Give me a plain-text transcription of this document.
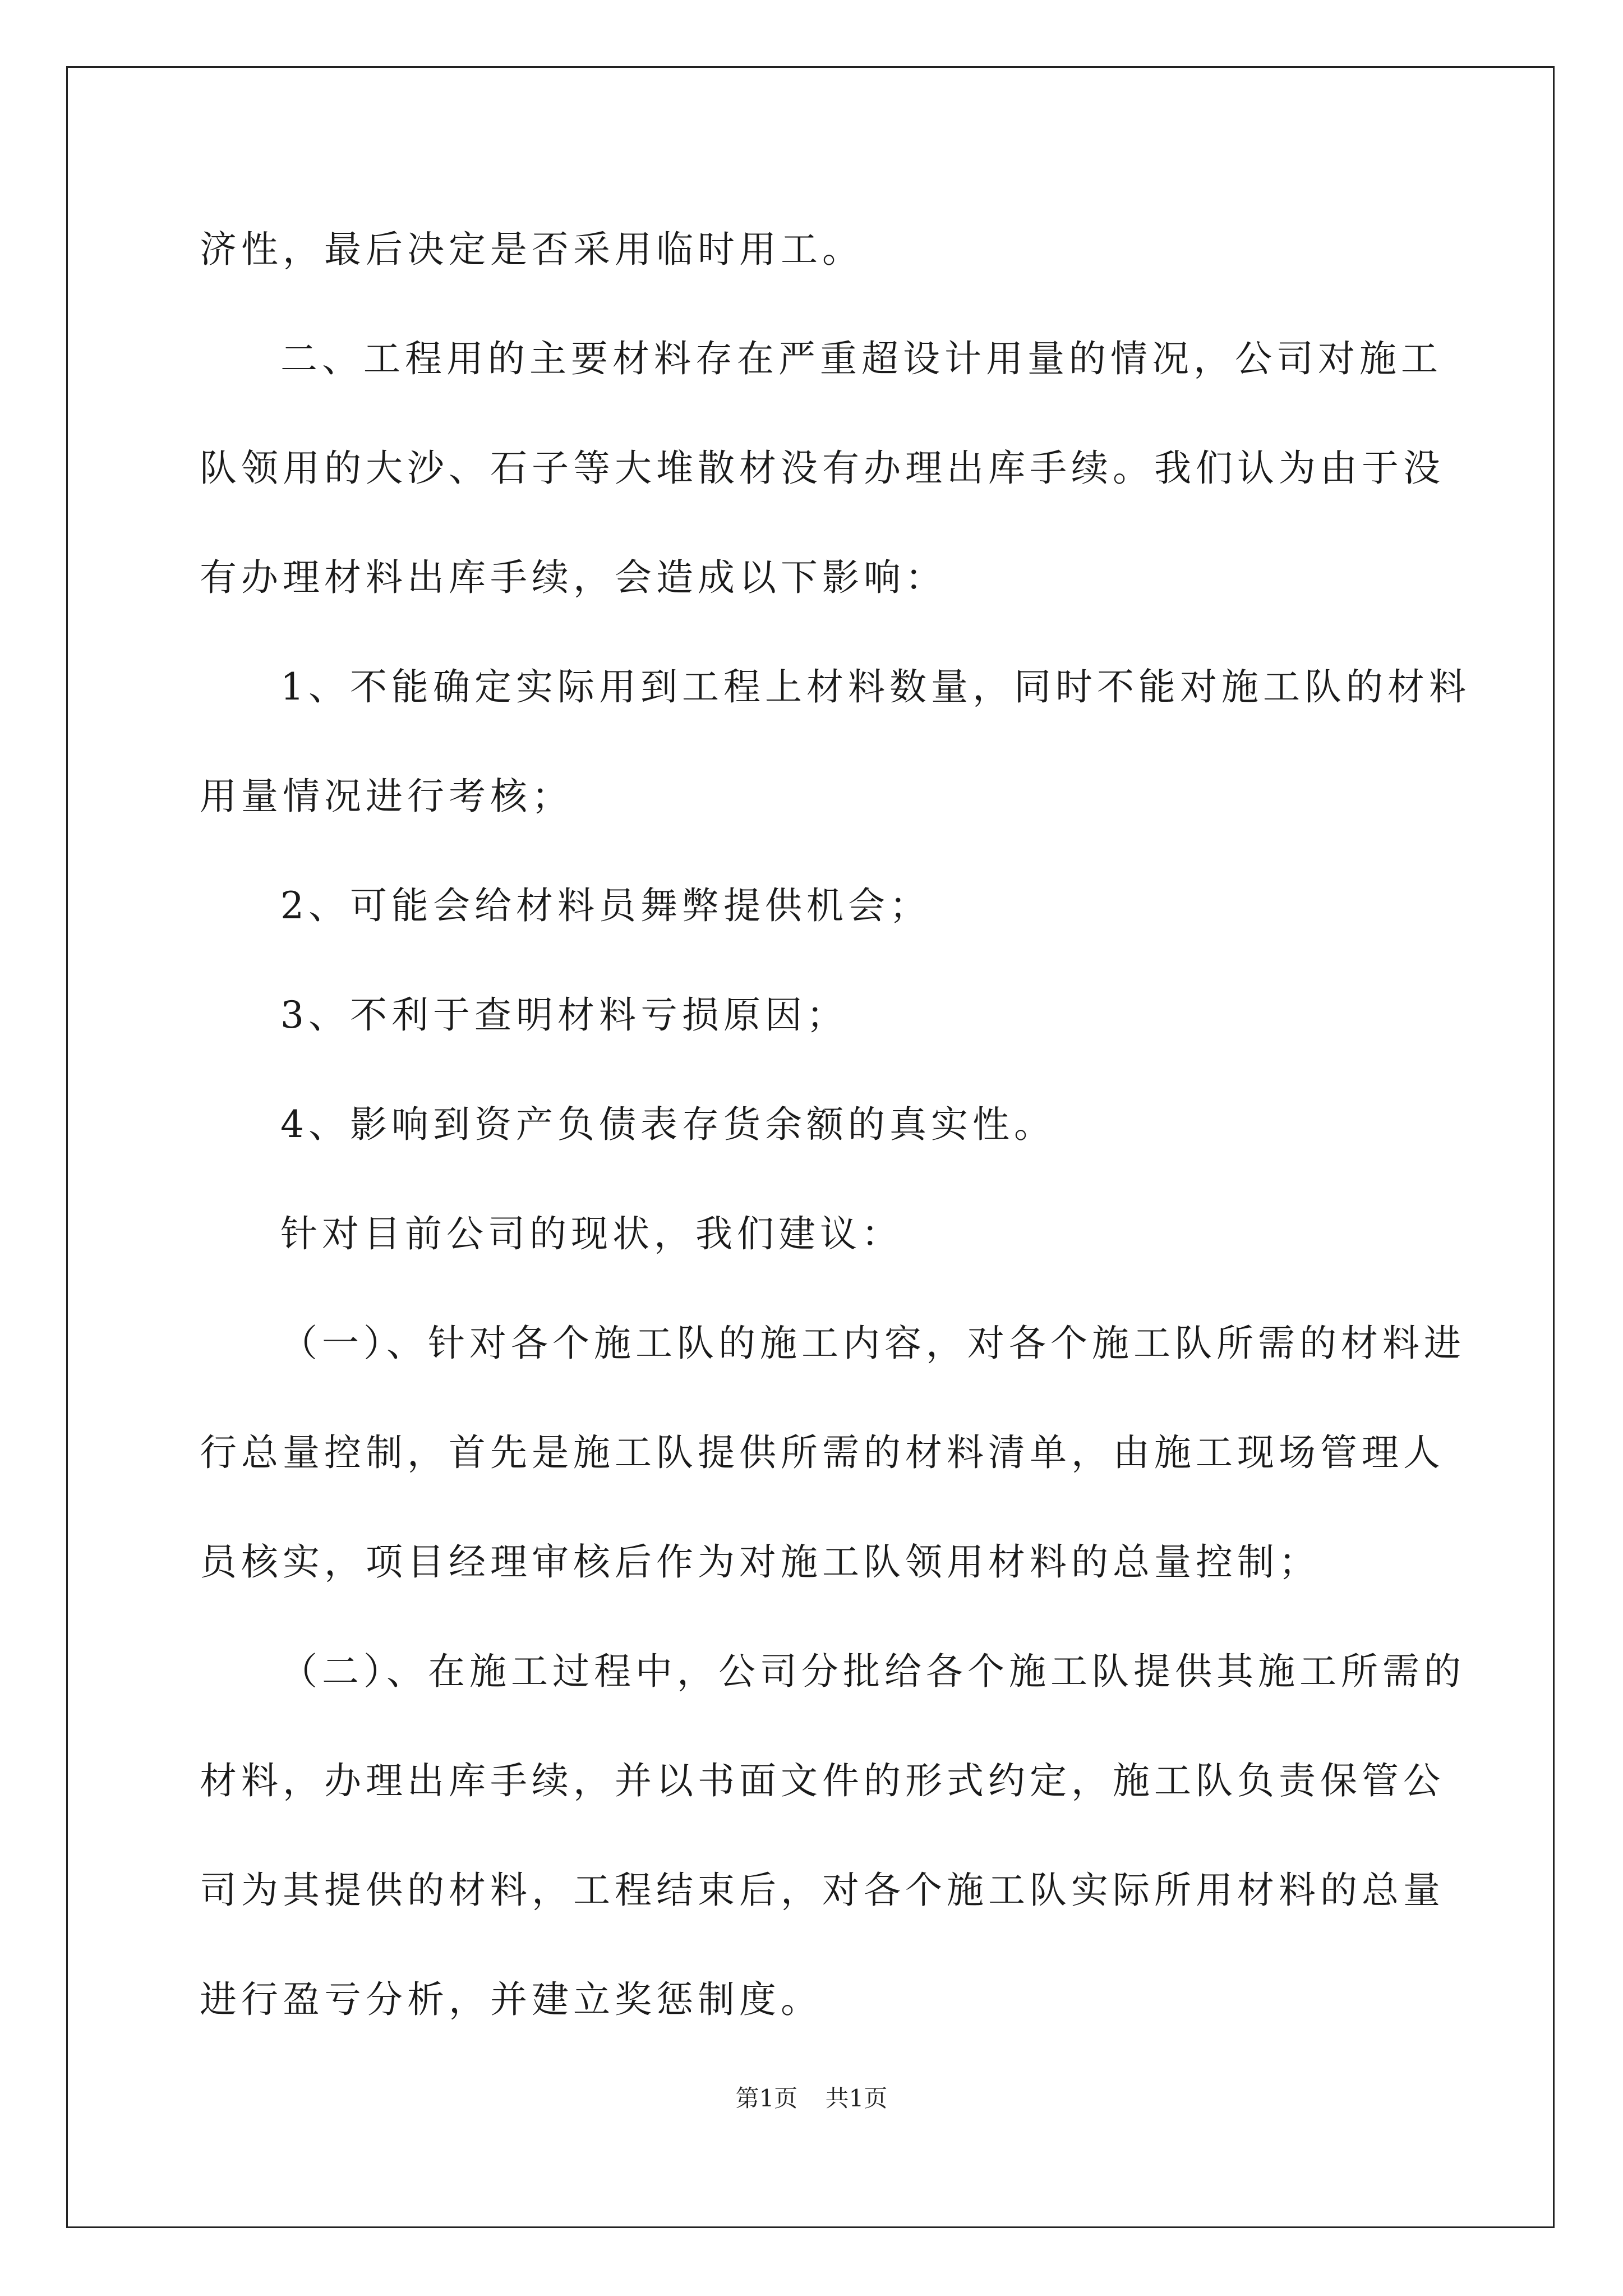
济性，最后决定是否采用临时用工。
二、工程用的主要材料存在严重超设计用量的情况，公司对施工
队领用的大沙、石子等大堆散材没有办理出库手续。我们认为由于没
有办理材料出库手续，会造成以下影响：
1、不能确定实际用到工程上材料数量，同时不能对施工队的材料
用量情况进行考核；
2、可能会给材料员舞弊提供机会；
3、不利于查明材料亏损原因；
4、影响到资产负债表存货余额的真实性。
针对目前公司的现状，我们建议：
（一）、针对各个施工队的施工内容，对各个施工队所需的材料进
行总量控制，首先是施工队提供所需的材料清单，由施工现场管理人
员核实，项目经理审核后作为对施工队领用材料的总量控制；
（二）、在施工过程中，公司分批给各个施工队提供其施工所需的
材料，办理出库手续，并以书面文件的形式约定，施工队负责保管公
司为其提供的材料，工程结束后，对各个施工队实际所用材料的总量
进行盈亏分析，并建立奖惩制度。
第1页 共1页
